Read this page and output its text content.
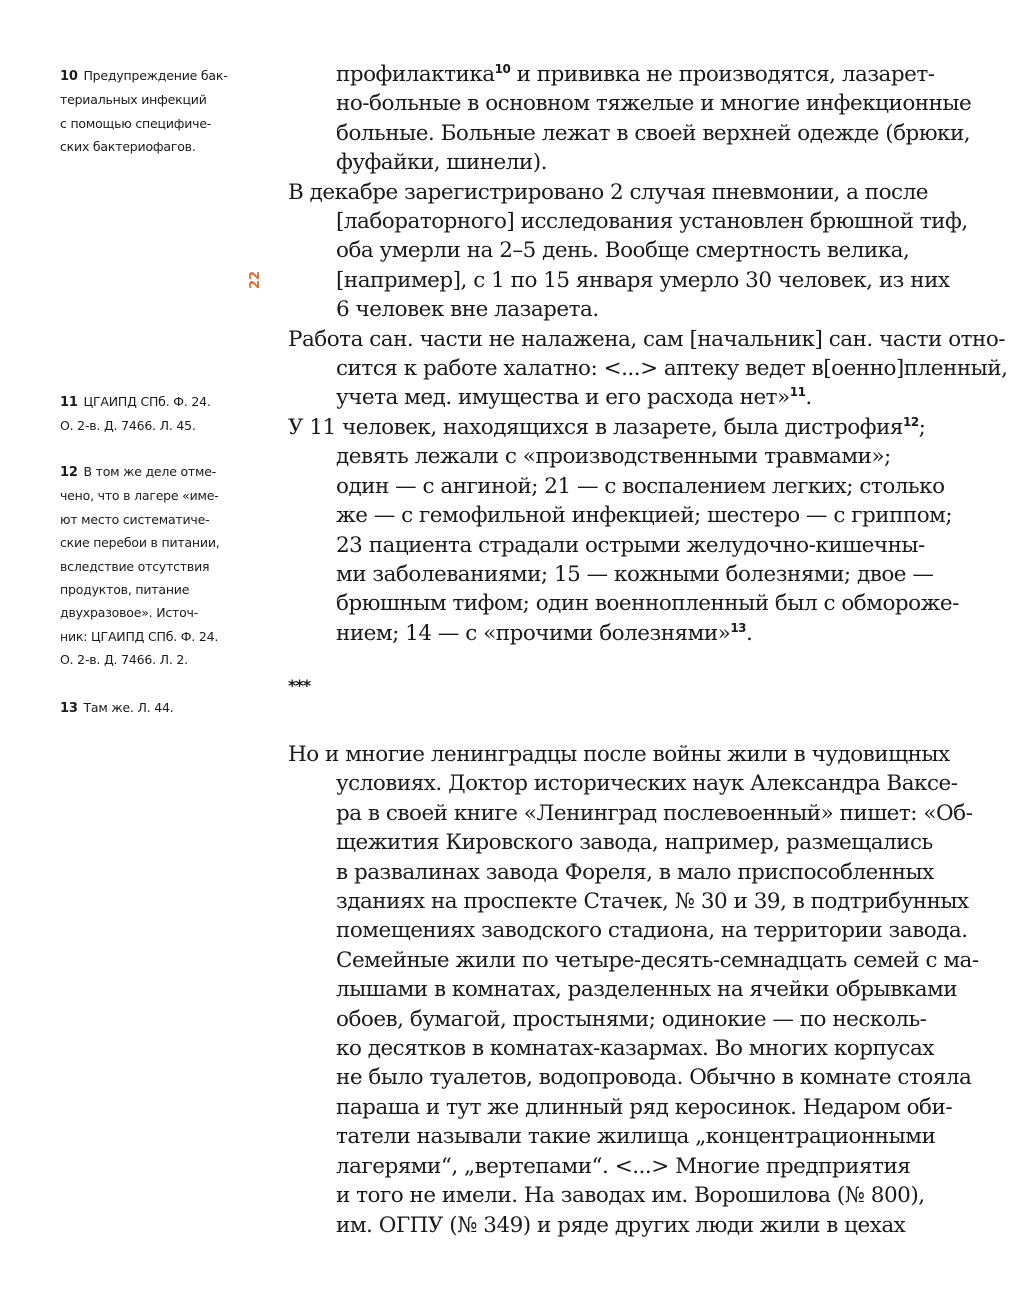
10 Предупреждение бак-
териальных инфекций
с помощью специфиче-
ских бактериофагов.
22
11 ЦГАИПД СПб. Ф. 24.
О. 2-в. Д. 7466. Л. 45.
12 В том же деле отме-
чено, что в лагере «име-
ют место систематиче-
ские перебои в питании,
вследствие отсутствия
продуктов, питание
двухразовое». Источ-
ник: ЦГАИПД СПб. Ф. 24.
О. 2-в. Д. 7466. Л. 2.
13 Там же. Л. 44.
профилактика$^{10}$ и прививка не производятся, лазарет-
но-больные в основном тяжелые и многие инфекционные
больные. Больные лежат в своей верхней одежде (брюки,
фуфайки, шинели).
В декабре зарегистрировано 2 случая пневмонии, а после
[лабораторного] исследования установлен брюшной тиф,
оба умерли на 2–5 день. Вообще смертность велика,
[например], с 1 по 15 января умерло 30 человек, из них
6 человек вне лазарета.
Работа сан. части не налажена, сам [начальник] сан. части отно-
сится к работе халатно: <...> аптеку ведет в[оенно]пленный,
учета мед. имущества и его расхода нет»$^{11}$.
У 11 человек, находящихся в лазарете, была дистрофия$^{12}$;
девять лежали с «производственными травмами»;
один — с ангиной; 21 — с воспалением легких; столько
же — с гемофильной инфекцией; шестеро — с гриппом;
23 пациента страдали острыми желудочно-кишечны-
ми заболеваниями; 15 — кожными болезнями; двое —
брюшным тифом; один военнопленный был с обмороже-
нием; 14 — с «прочими болезнями»$^{13}$.
***
Но и многие ленинградцы после войны жили в чудовищных
условиях. Доктор исторических наук Александра Ваксе-
ра в своей книге «Ленинград послевоенный» пишет: «Об-
щежития Кировского завода, например, размещались
в развалинах завода Фореля, в мало приспособленных
зданиях на проспекте Стачек, № 30 и 39, в подтрибунных
помещениях заводского стадиона, на территории завода.
Семейные жили по четыре-десять-семнадцать семей с ма-
лышами в комнатах, разделенных на ячейки обрывками
обоев, бумагой, простынями; одинокие — по несколь-
ко десятков в комнатах-казармах. Во многих корпусах
не было туалетов, водопровода. Обычно в комнате стояла
параша и тут же длинный ряд керосинок. Недаром оби-
татели называли такие жилища „концентрационными
лагерями“, „вертепами“. <...> Многие предприятия
и того не имели. На заводах им. Ворошилова (№ 800),
им. ОГПУ (№ 349) и ряде других люди жили в цехах
